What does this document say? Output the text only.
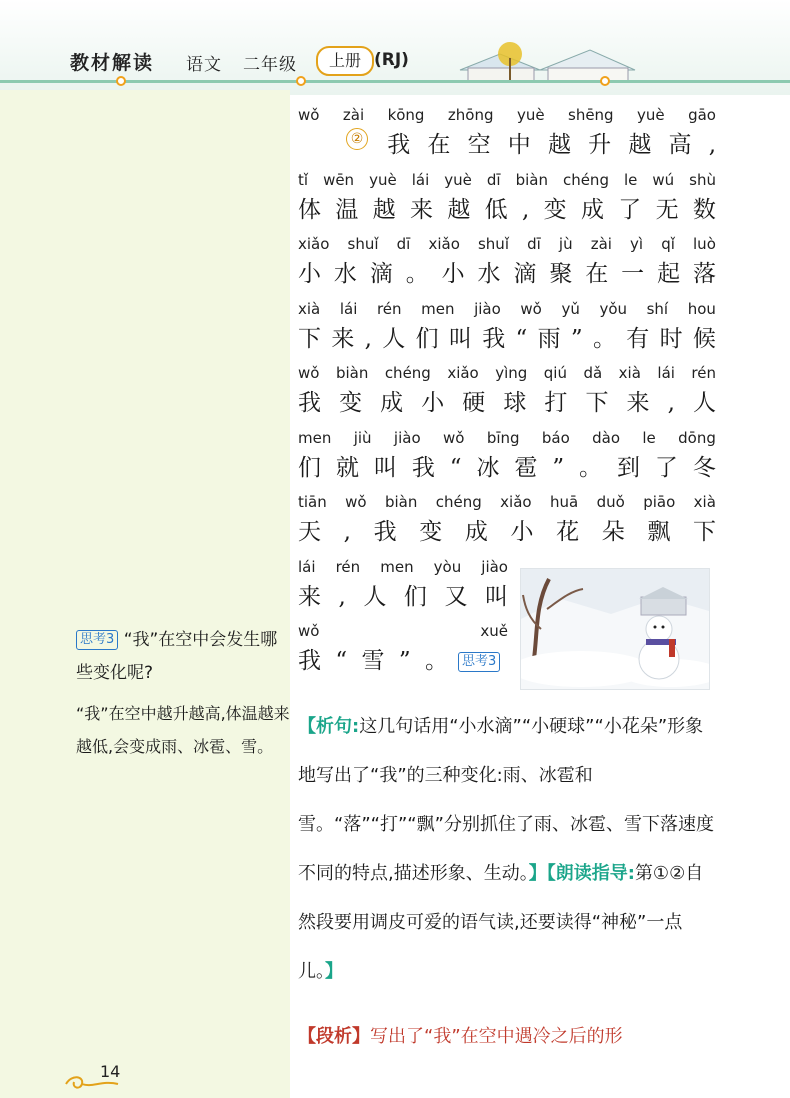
教材解读 语文 二年级	上册 (RJ)
思考3 “我”在空中会发生哪些变化呢?
“我”在空中越升越高,体温越来越低,会变成雨、冰雹、雪。
wǒ zài kōng zhōng yuè shēng yuè gāo
② 我 在 空 中 越 升 越 高 ,
tǐ wēn yuè lái yuè dī biàn chéng le wú shù
体 温 越 来 越 低 , 变 成 了 无 数
xiǎo shuǐ dī xiǎo shuǐ dī jù zài yì qǐ luò
小 水 滴 。 小 水 滴 聚 在 一 起 落
xià lái rén men jiào wǒ yǔ yǒu shí hou
下 来 , 人 们 叫 我 “ 雨 ” 。 有 时 候
wǒ biàn chéng xiǎo yìng qiú dǎ xià lái rén
我 变 成 小 硬 球 打 下 来 , 人
men jiù jiào wǒ bīng báo dào le dōng
们 就 叫 我 “ 冰 雹 ” 。 到 了 冬
tiān wǒ biàn chéng xiǎo huā duǒ piāo xià
天 , 我 变 成 小 花 朵 飘 下
lái rén men yòu jiào
来 , 人 们 又 叫
wǒ	xuě
我 “ 雪 ” 。	思考3
【析句:这几句话用“小水滴”“小硬球”“小花朵”形象地写出了“我”的三种变化:雨、冰雹和雪。“落”“打”“飘”分别抓住了雨、冰雹、雪下落速度不同的特点,描述形象、生动。】【朗读指导:第①②自然段要用调皮可爱的语气读,还要读得“神秘”一点儿。】
【段析】写出了“我”在空中遇冷之后的形
14
